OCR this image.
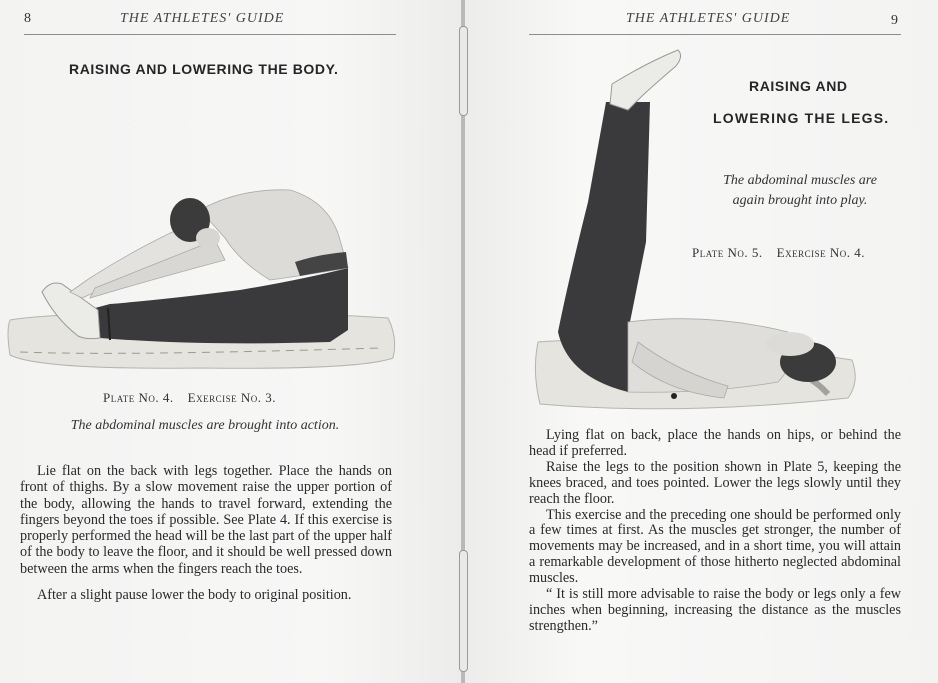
8	THE ATHLETES' GUIDE
RAISING AND LOWERING THE BODY.
Plate No. 4. Exercise No. 3.
The abdominal muscles are brought into action.

Lie flat on the back with legs together. Place the hands on front of thighs. By a slow movement raise the upper portion of the body, allowing the hands to travel forward, extending the fingers beyond the toes if possible. See Plate 4. If this exercise is properly performed the head will be the last part of the upper half of the body to leave the floor, and it should be well pressed down between the arms when the fingers reach the toes.

After a slight pause lower the body to original position.

THE ATHLETES' GUIDE	9
RAISING AND
LOWERING THE LEGS.
The abdominal muscles are
again brought into play.
Plate No. 5. Exercise No. 4.

Lying flat on back, place the hands on hips, or behind the head if preferred.

Raise the legs to the position shown in Plate 5, keeping the knees braced, and toes pointed. Lower the legs slowly until they reach the floor.

This exercise and the preceding one should be performed only a few times at first. As the muscles get stronger, the number of movements may be increased, and in a short time, you will attain a remarkable development of those hitherto neglected abdominal muscles.

“ It is still more advisable to raise the body or legs only a few inches when beginning, increasing the distance as the muscles strengthen.”
